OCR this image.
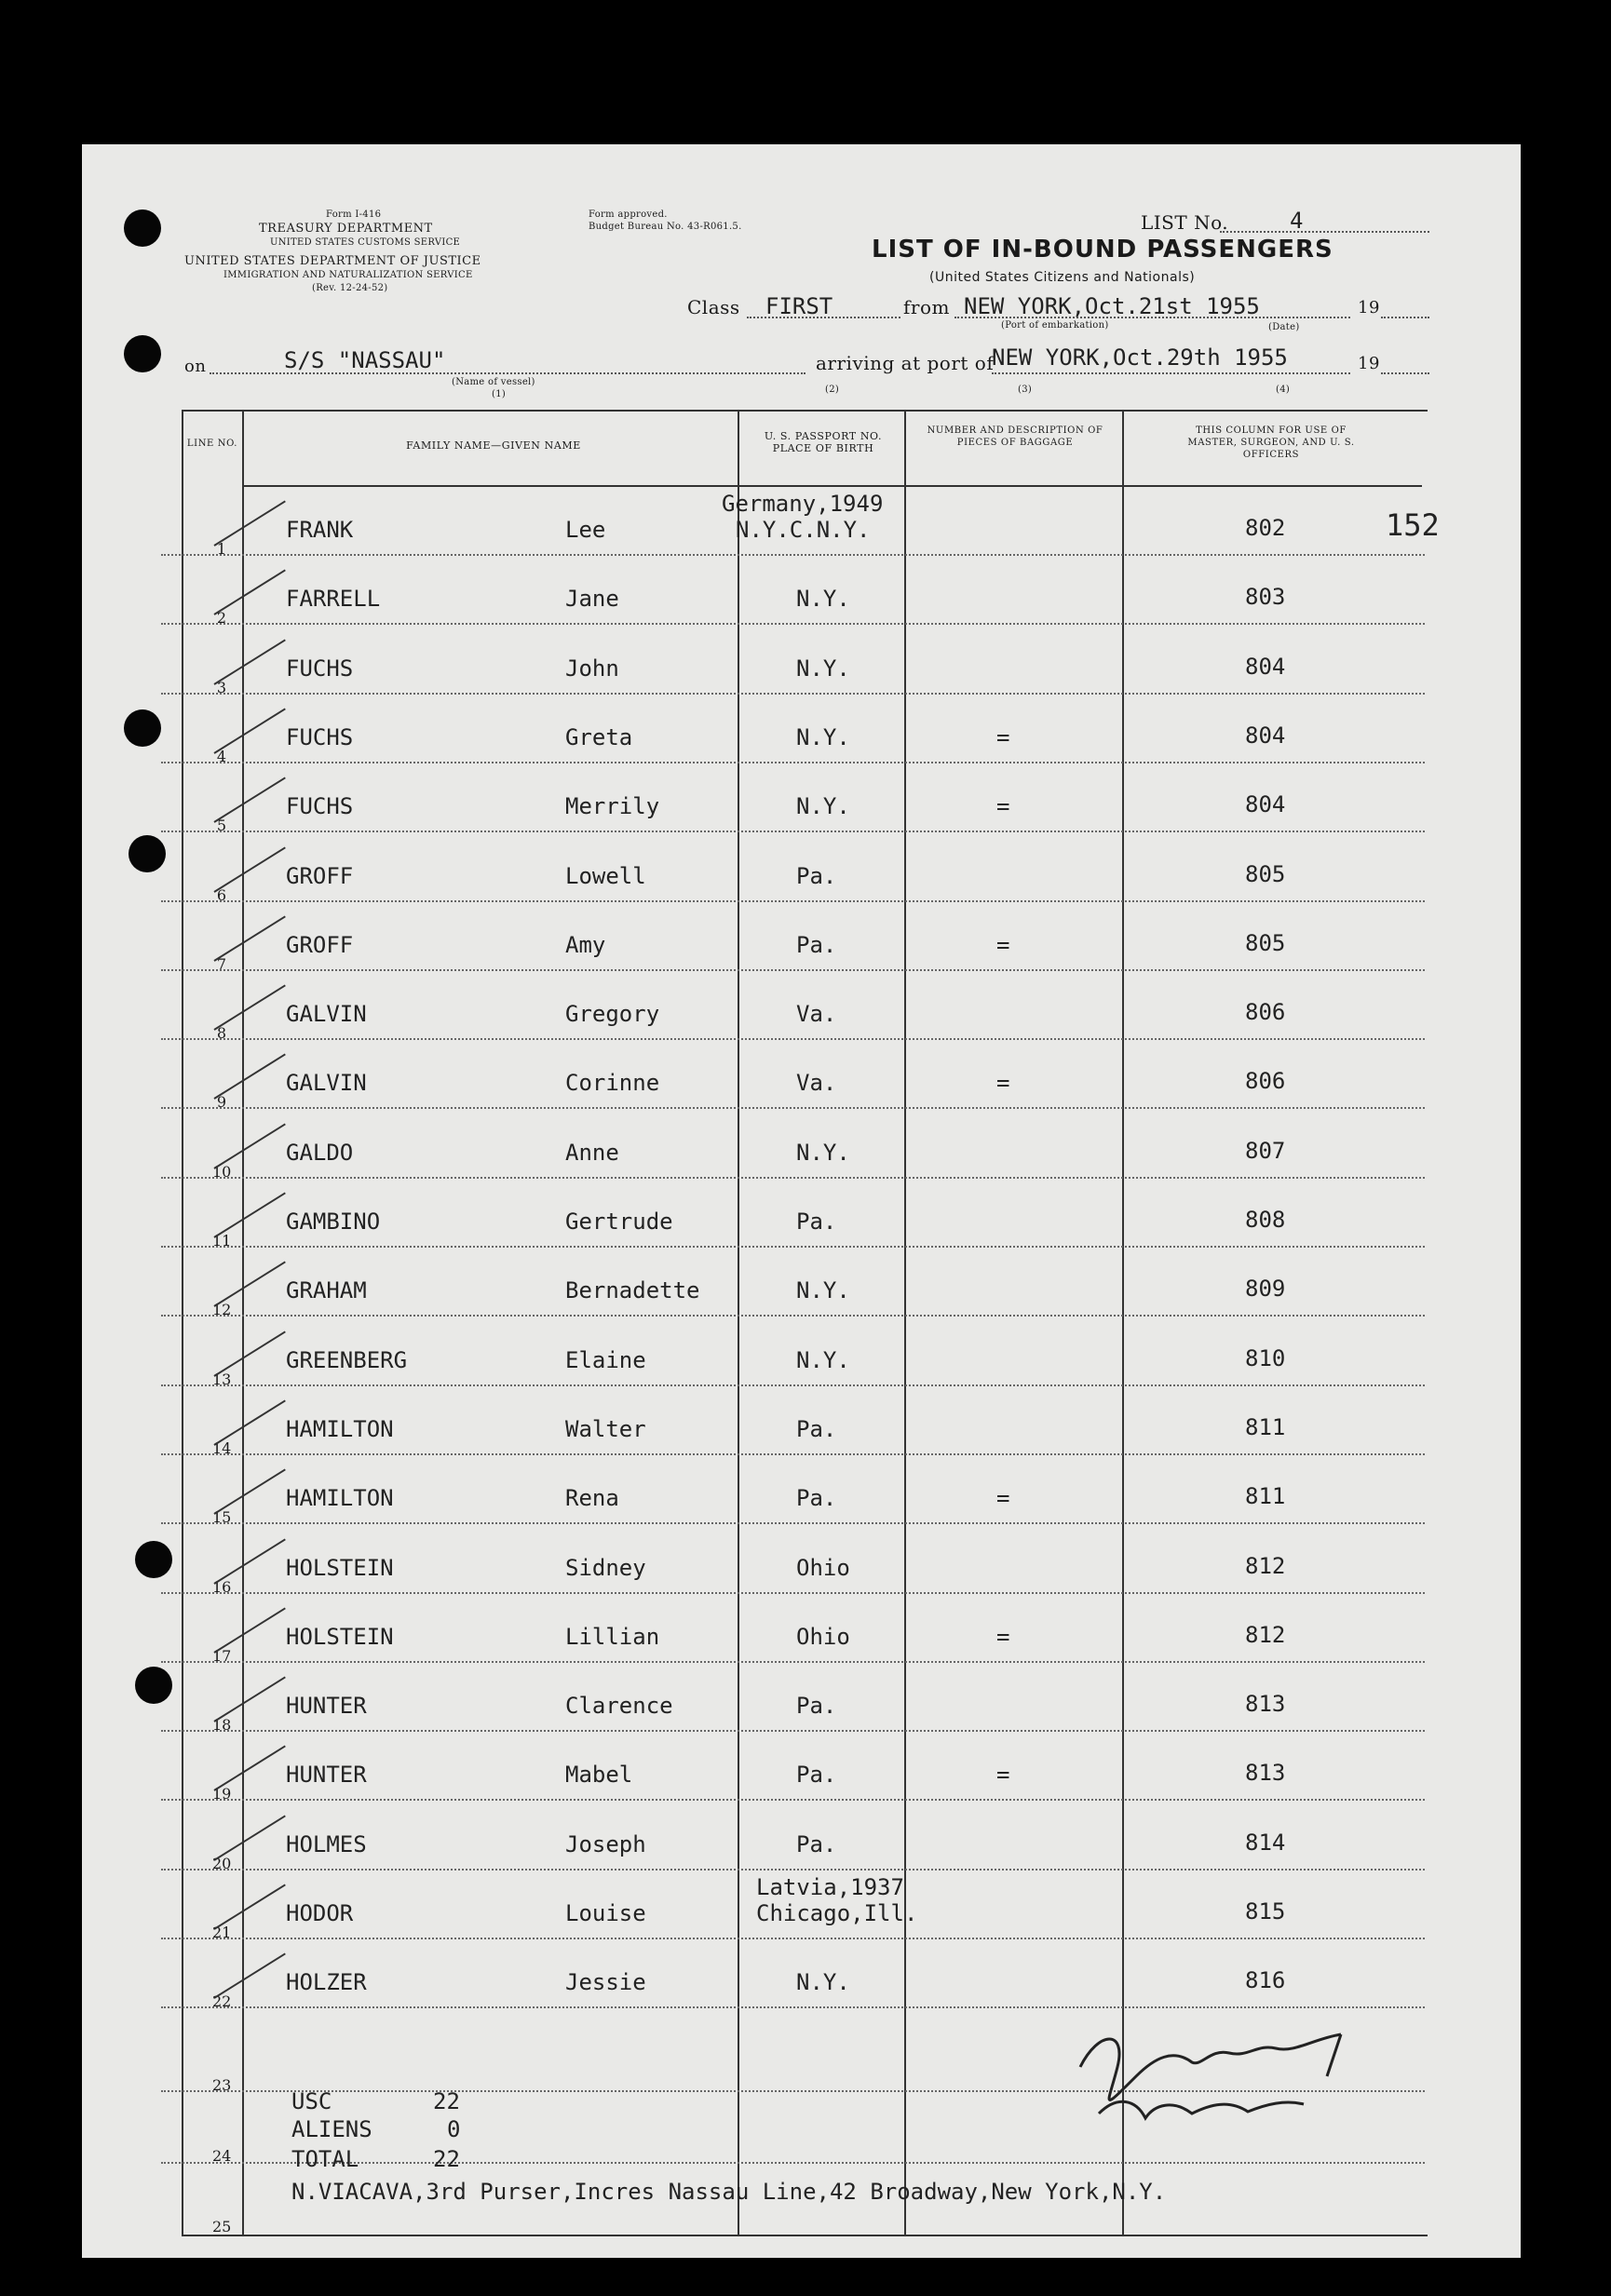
Form I-416
TREASURY DEPARTMENT
UNITED STATES CUSTOMS SERVICE
UNITED STATES DEPARTMENT OF JUSTICE
IMMIGRATION AND NATURALIZATION SERVICE
(Rev. 12-24-52)
Form approved.
Budget Bureau No. 43-R061.5.	LIST No.	4
LIST OF IN-BOUND PASSENGERS
(United States Citizens and Nationals)
Class FIRST	from NEW YORK,Oct.21st 1955	19
(Port of embarkation)	(Date)
on	S/S "NASSAU"
(Name of vessel)
(1)
arriving at port of
NEW YORK,Oct.29th 1955	19
(2)	(3)	(4)
LINE NO.	FAMILY NAME—GIVEN NAME
U. S. PASSPORT NO. PLACE OF BIRTH
NUMBER AND DESCRIPTION OF PIECES OF BAGGAGE
THIS COLUMN FOR USE OF MASTER, SURGEON, AND U. S. OFFICERS
152
1
FRANK	Lee
Germany,1949
N.Y.C.N.Y.	802
2
FARRELL	Jane	N.Y.	803
3
FUCHS	John	N.Y.	804
4
FUCHS	Greta	N.Y.	=	804
5
FUCHS	Merrily	N.Y.	=	804
6
GROFF	Lowell	Pa.	805
7
GROFF	Amy	Pa.	=	805
8
GALVIN	Gregory	Va.	806
9
GALVIN	Corinne	Va.	=	806
10
GALDO	Anne	N.Y.	807
11
GAMBINO	Gertrude	Pa.	808
12
GRAHAM	Bernadette	N.Y.	809
13
GREENBERG	Elaine	N.Y.	810
14
HAMILTON	Walter	Pa.	811
15
HAMILTON	Rena	Pa.	=	811
16
HOLSTEIN	Sidney	Ohio	812
17
HOLSTEIN	Lillian	Ohio	=	812
18
HUNTER	Clarence	Pa.	813
19
HUNTER	Mabel	Pa.	=	813
20
HOLMES	Joseph	Pa.	814
21
HODOR	Louise
Latvia,1937
Chicago,Ill.	815
22
HOLZER	Jessie	N.Y.	816
23
24
25
USC	22
ALIENS	0
TOTAL	22
N.VIACAVA,3rd Purser,Incres Nassau Line,42 Broadway,New York,N.Y.
